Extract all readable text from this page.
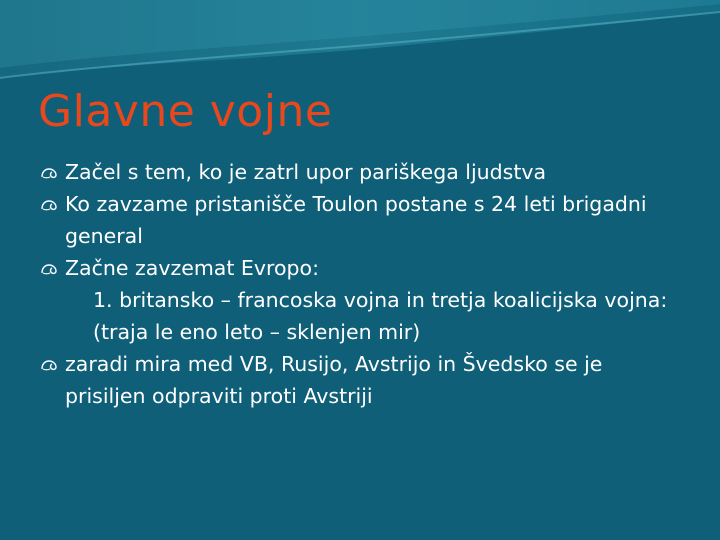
Glavne vojne
Začel s tem, ko je zatrl upor pariškega ljudstva
Ko zavzame pristanišče Toulon postane s 24 leti brigadni general
Začne zavzemat Evropo:
1. britansko – francoska vojna in tretja koalicijska vojna:(traja le eno leto – sklenjen mir)
zaradi mira med VB, Rusijo, Avstrijo in Švedsko se je prisiljen odpraviti proti Avstriji
